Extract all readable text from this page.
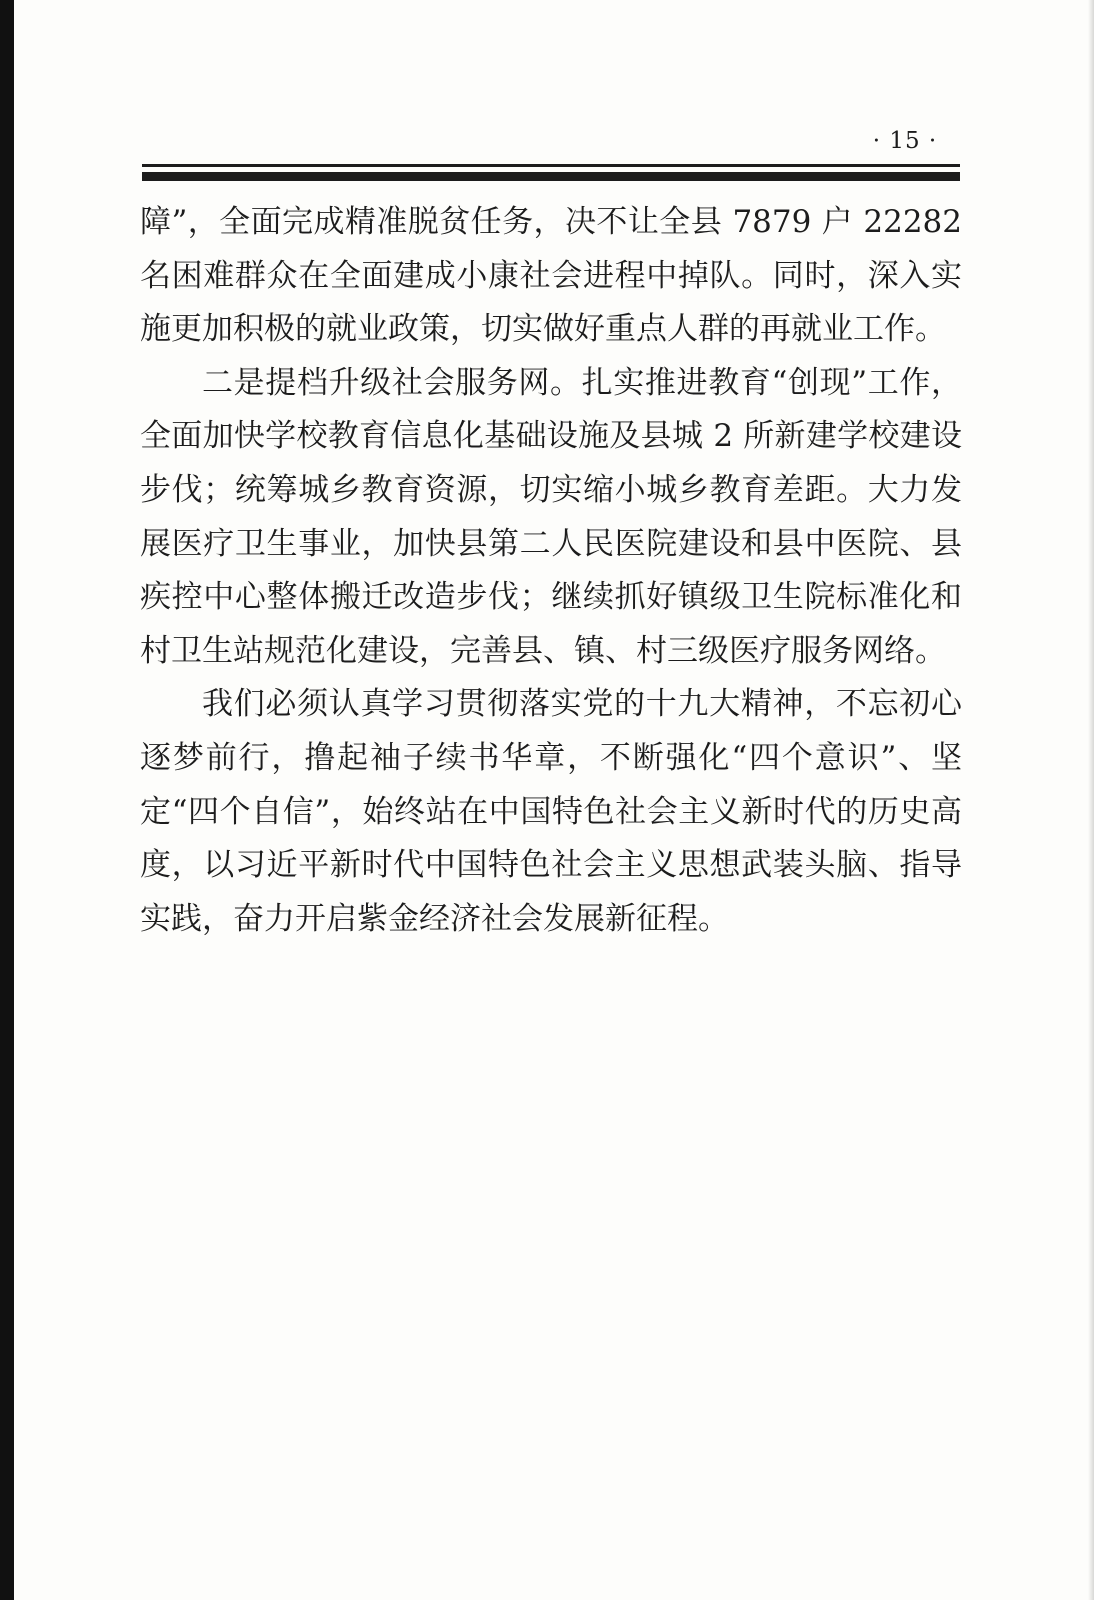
· 15 ·

障”，全面完成精准脱贫任务，决不让全县 7879 户 22282 名困难群众在全面建成小康社会进程中掉队。同时，深入实施更加积极的就业政策，切实做好重点人群的再就业工作。

二是提档升级社会服务网。扎实推进教育“创现”工作，全面加快学校教育信息化基础设施及县城 2 所新建学校建设步伐；统筹城乡教育资源，切实缩小城乡教育差距。大力发展医疗卫生事业，加快县第二人民医院建设和县中医院、县疾控中心整体搬迁改造步伐；继续抓好镇级卫生院标准化和村卫生站规范化建设，完善县、镇、村三级医疗服务网络。

我们必须认真学习贯彻落实党的十九大精神，不忘初心逐梦前行，撸起袖子续书华章，不断强化“四个意识”、坚定“四个自信”，始终站在中国特色社会主义新时代的历史高度，以习近平新时代中国特色社会主义思想武装头脑、指导实践，奋力开启紫金经济社会发展新征程。
